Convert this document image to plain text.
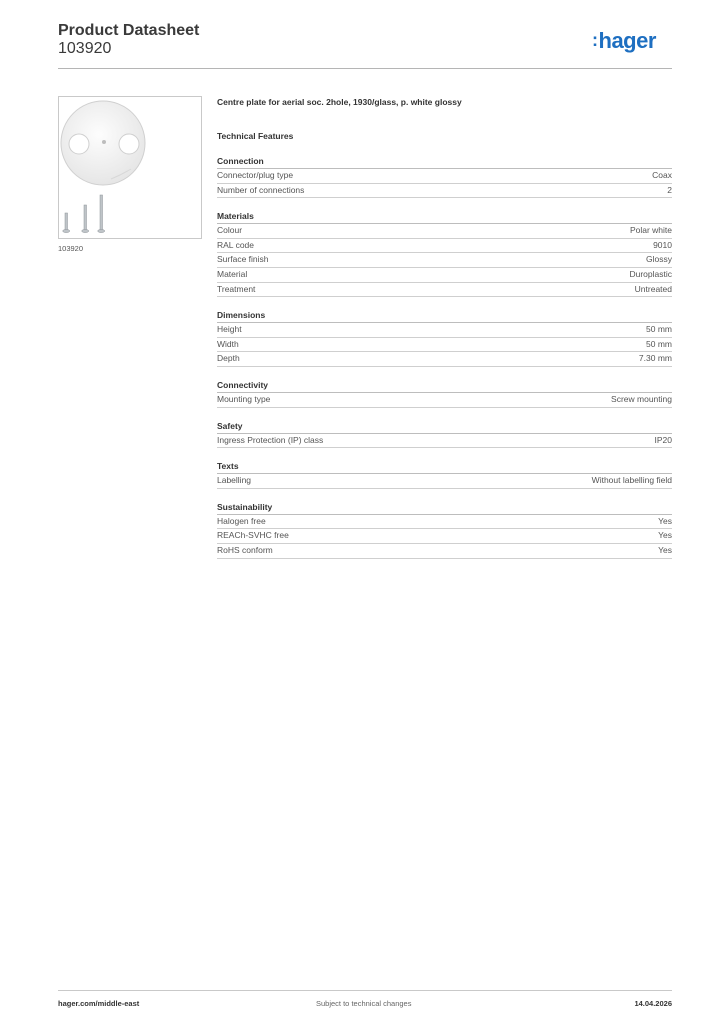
Product Datasheet
103920	:hager
103920
Centre plate for aerial soc. 2hole, 1930/glass, p. white glossy
Technical Features
Connection
Connector/plug type	Coax
Number of connections	2
Materials
Colour	Polar white
RAL code	9010
Surface finish	Glossy
Material	Duroplastic
Treatment	Untreated
Dimensions
Height	50 mm
Width	50 mm
Depth	7.30 mm
Connectivity
Mounting type	Screw mounting
Safety
Ingress Protection (IP) class	IP20
Texts
Labelling	Without labelling field
Sustainability
Halogen free	Yes
REACh-SVHC free	Yes
RoHS conform	Yes
hager.com/middle-east	Subject to technical changes	14.04.2026
